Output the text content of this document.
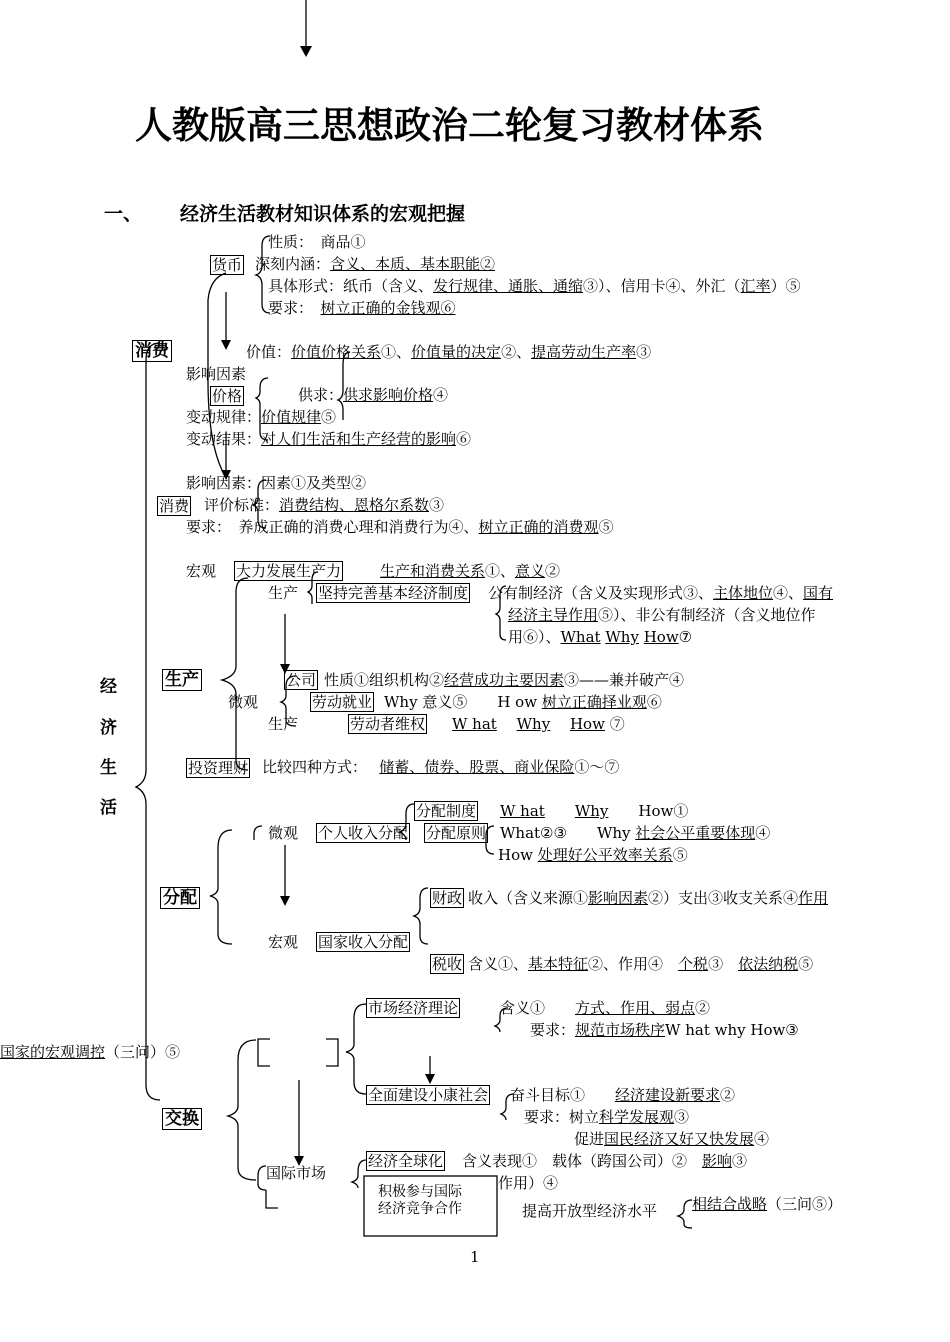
人教版高三思想政治二轮复习教材体系
一、 经济生活教材知识体系的宏观把握
经
济
生
活
消费
性质：　商品①
货币 深刻内涵：含义、本质、基本职能②
具体形式：纸币（含义、发行规律、通胀、通缩③）、信用卡④、外汇（汇率）⑤
要求：　树立正确的金钱观⑥
价值：价值价格关系①、价值量的决定②、提高劳动生产率③
影响因素
价格	供求：供求影响价格④
变动规律：价值规律⑤
变动结果：对人们生活和生产经营的影响⑥
影响因素：因素①及类型②
消费 评价标准：消费结构、恩格尔系数③
要求：　养成正确的消费心理和消费行为④、树立正确的消费观⑤
生产
宏观 大力发展生产力	生产和消费关系①、意义②
生产 坚持完善基本经济制度 公有制经济（含义及实现形式③、主体地位④、国有
经济主导作用⑤）、非公有制经济（含义地位作
用⑥）、What Why How⑦
公司 性质①组织机构②经营成功主要因素③——兼并破产④
微观	劳动就业 Why 意义⑤　　H ow 树立正确择业观⑥
生产	劳动者维权 W hat　 Why　 How ⑦
投资理财 比较四种方式：　 储蓄、债券、股票、商业保险①～⑦
分配
微观 个人收入分配
分配制度 W hat　　 Why　　 How①
分配原则 What②③　　Why 社会公平重要体现④
How 处理好公平效率关系⑤
财政 收入（含义来源①影响因素②）支出③收支关系④作用
宏观 国家收入分配
税收 含义①、基本特征②、作用④　个税③　依法纳税⑤
交换
市场经济理论	含义①　　方式、作用、弱点②
要求：规范市场秩序W hat why How③
国家的宏观调控（三问）⑤
全面建设小康社会 奋斗目标①　　经济建设新要求②
要求：树立科学发展观③
促进国民经济又好又快发展④
国际市场
经济全球化 含义表现①　载体（跨国公司）②　影响③
作用）④
积极参与国际
经济竞争合作	提高开放型经济水平 相结合战略（三问⑤）
1
